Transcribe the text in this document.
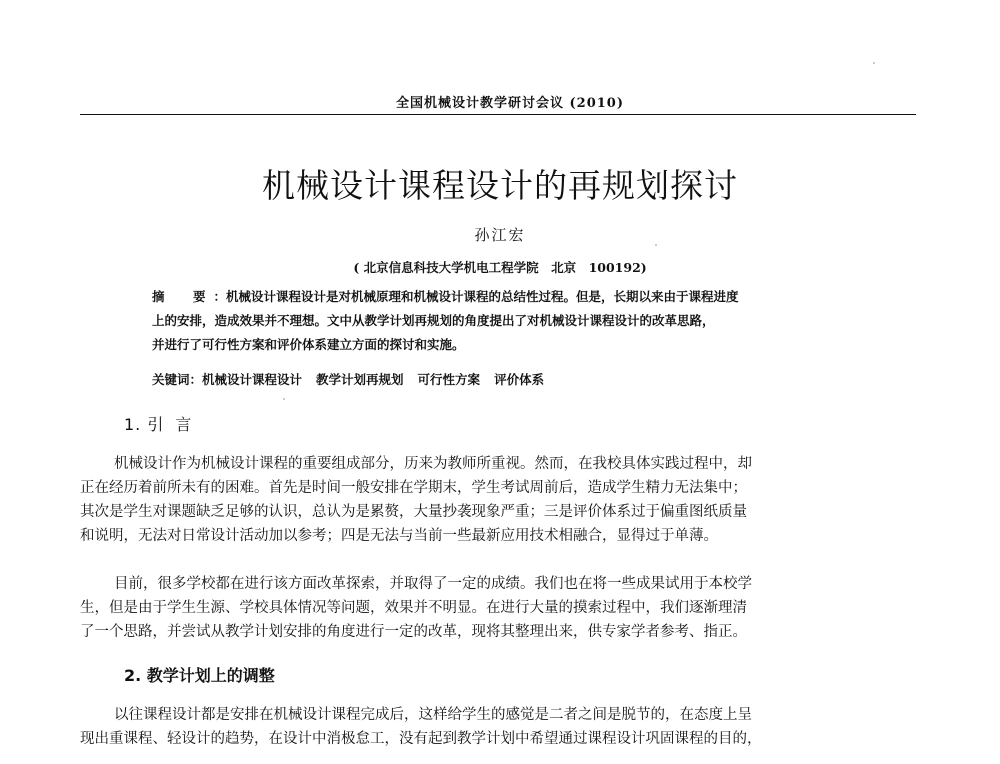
全国机械设计教学研讨会议 (2010)
机械设计课程设计的再规划探讨
孙江宏
( 北京信息科技大学机电工程学院　北京　100192)
摘　要：机械设计课程设计是对机械原理和机械设计课程的总结性过程。但是，长期以来由于课程进度
上的安排，造成效果并不理想。文中从教学计划再规划的角度提出了对机械设计课程设计的改革思路，
并进行了可行性方案和评价体系建立方面的探讨和实施。
关键词：机械设计课程设计 教学计划再规划 可行性方案 评价体系
1. 引言
机械设计作为机械设计课程的重要组成部分，历来为教师所重视。然而，在我校具体实践过程中，却
正在经历着前所未有的困难。首先是时间一般安排在学期末，学生考试周前后，造成学生精力无法集中；
其次是学生对课题缺乏足够的认识，总认为是累赘，大量抄袭现象严重；三是评价体系过于偏重图纸质量
和说明，无法对日常设计活动加以参考；四是无法与当前一些最新应用技术相融合，显得过于单薄。
目前，很多学校都在进行该方面改革探索，并取得了一定的成绩。我们也在将一些成果试用于本校学
生，但是由于学生生源、学校具体情况等问题，效果并不明显。在进行大量的摸索过程中，我们逐渐理清
了一个思路，并尝试从教学计划安排的角度进行一定的改革，现将其整理出来，供专家学者参考、指正。
2. 教学计划上的调整
以往课程设计都是安排在机械设计课程完成后，这样给学生的感觉是二者之间是脱节的，在态度上呈
现出重课程、轻设计的趋势，在设计中消极怠工，没有起到教学计划中希望通过课程设计巩固课程的目的，
